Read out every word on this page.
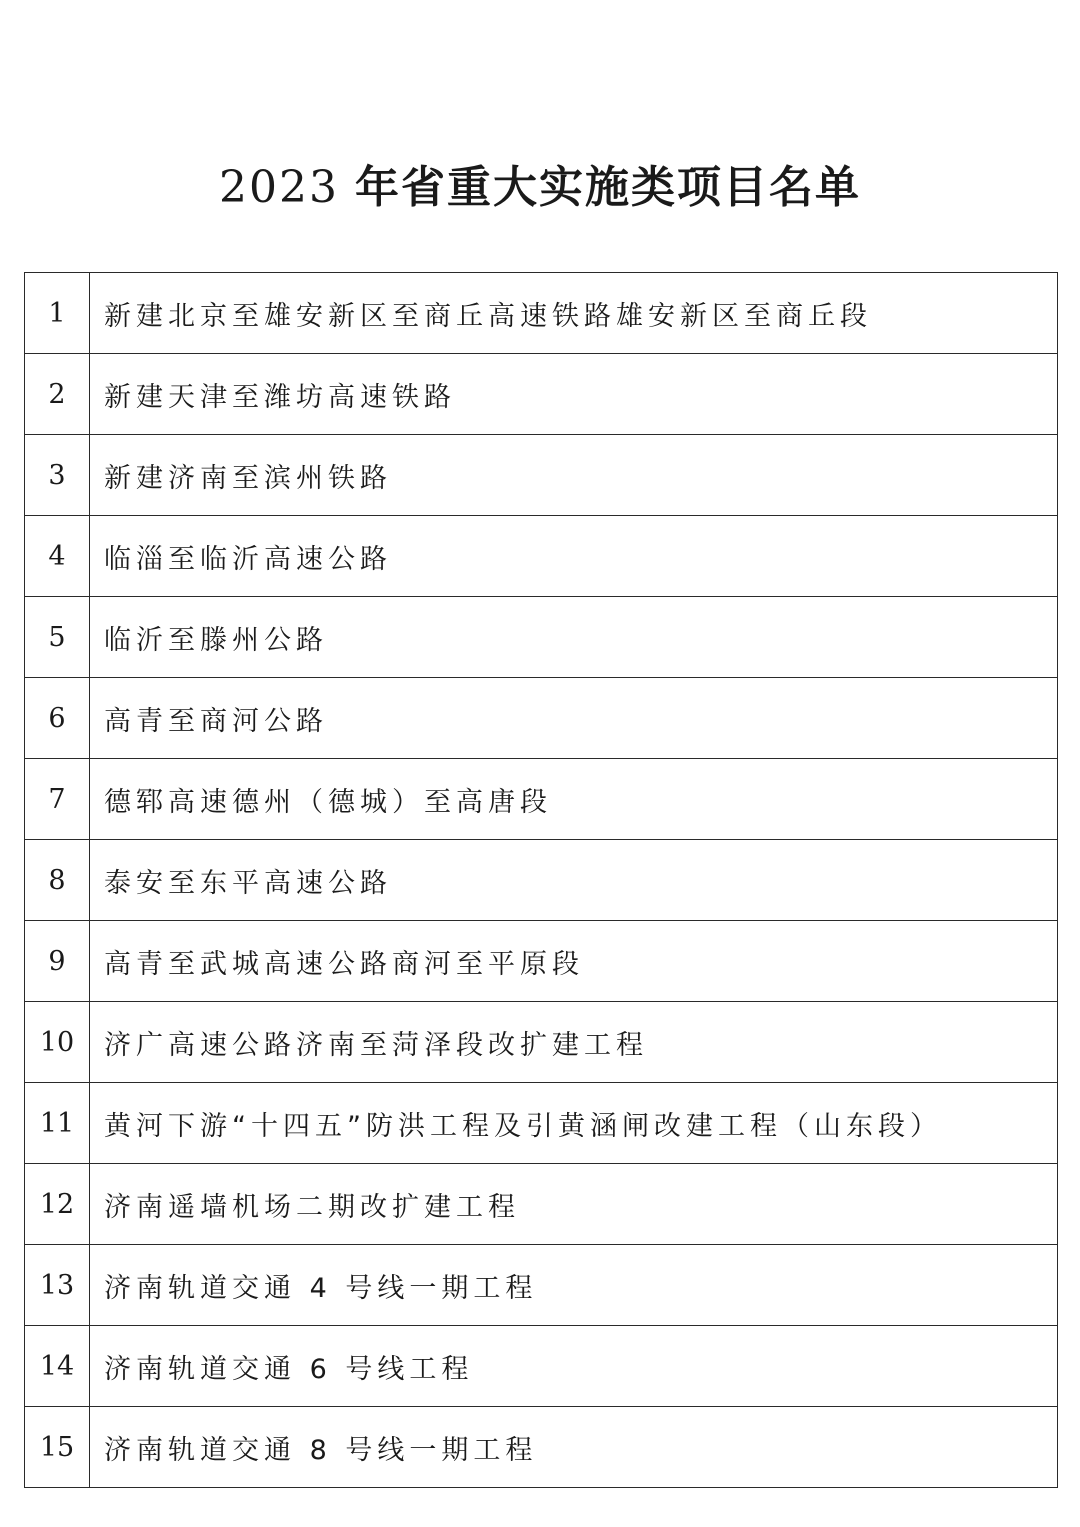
2023 年省重大实施类项目名单
1	新建北京至雄安新区至商丘高速铁路雄安新区至商丘段
2	新建天津至潍坊高速铁路
3	新建济南至滨州铁路
4	临淄至临沂高速公路
5	临沂至滕州公路
6	高青至商河公路
7	德郓高速德州（德城）至高唐段
8	泰安至东平高速公路
9	高青至武城高速公路商河至平原段
10	济广高速公路济南至菏泽段改扩建工程
11	黄河下游“十四五”防洪工程及引黄涵闸改建工程（山东段）
12	济南遥墙机场二期改扩建工程
13	济南轨道交通 4 号线一期工程
14	济南轨道交通 6 号线工程
15	济南轨道交通 8 号线一期工程
